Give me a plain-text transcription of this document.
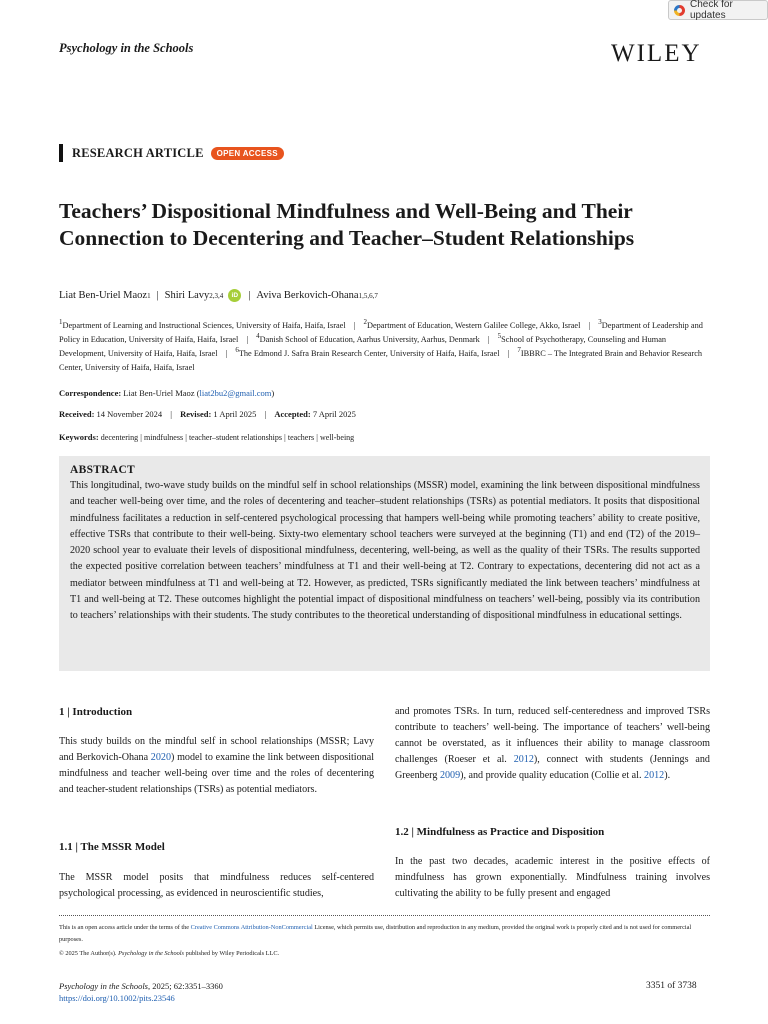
Check for updates
Psychology in the Schools	WILEY
RESEARCH ARTICLE	OPEN ACCESS
Teachers’ Dispositional Mindfulness and Well-Being and Their Connection to Decentering and Teacher–Student Relationships
Liat Ben-Uriel Maoz 1 | Shiri Lavy 2,3,4	iD | Aviva Berkovich-Ohana 1,5,6,7
$^1$Department of Learning and Instructional Sciences, University of Haifa, Haifa, Israel | $^2$Department of Education, Western Galilee College, Akko, Israel | $^3$Department of Leadership and Policy in Education, University of Haifa, Haifa, Israel | $^4$Danish School of Education, Aarhus University, Aarhus, Denmark | $^5$School of Psychotherapy, Counseling and Human Development, University of Haifa, Haifa, Israel | $^6$The Edmond J. Safra Brain Research Center, University of Haifa, Haifa, Israel | $^7$IBBRC – The Integrated Brain and Behavior Research Center, University of Haifa, Haifa, Israel
Correspondence: Liat Ben-Uriel Maoz (liat2bu2@gmail.com)
Received: 14 November 2024 | Revised: 1 April 2025 | Accepted: 7 April 2025
Keywords: decentering | mindfulness | teacher–student relationships | teachers | well-being
ABSTRACT

This longitudinal, two-wave study builds on the mindful self in school relationships (MSSR) model, examining the link between dispositional mindfulness and teacher well-being over time, and the roles of decentering and teacher–student relationships (TSRs) as potential mediators. It posits that dispositional mindfulness facilitates a reduction in self-centered psychological processing that hampers well-being while promoting teachers’ ability to create positive, effective TSRs that contribute to their well-being. Sixty-two elementary school teachers were surveyed at the beginning (T1) and end (T2) of the 2019–2020 school year to evaluate their levels of dispositional mindfulness, decentering, well-being, as well as the quality of their TSRs. The results supported the expected positive correlation between teachers’ mindfulness at T1 and their well-being at T2. Contrary to expectations, decentering did not act as a mediator between mindfulness at T1 and well-being at T2. However, as predicted, TSRs significantly mediated the link between teachers’ mindfulness at T1 and well-being at T2. These outcomes highlight the potential impact of dispositional mindfulness on teachers’ well-being, possibly via its contribution to teachers’ relationships with their students. The study contributes to the theoretical understanding of dispositional mindfulness in educational settings.

1 | Introduction

This study builds on the mindful self in school relationships (MSSR; Lavy and Berkovich-Ohana 2020) model to examine the link between dispositional mindfulness and teacher well-being over time and the roles of decentering and teacher-student relationships (TSRs) as potential mediators.

1.1 | The MSSR Model

The MSSR model posits that mindfulness reduces self-centered psychological processing, as evidenced in neuroscientific studies,

and promotes TSRs. In turn, reduced self-centeredness and improved TSRs contribute to teachers’ well-being. The importance of teachers’ well-being cannot be overstated, as it influences their ability to manage classroom challenges (Roeser et al. 2012), connect with students (Jennings and Greenberg 2009), and provide quality education (Collie et al. 2012).

1.2 | Mindfulness as Practice and Disposition

In the past two decades, academic interest in the positive effects of mindfulness has grown exponentially. Mindfulness training involves cultivating the ability to be fully present and engaged

This is an open access article under the terms of the Creative Commons Attribution-NonCommercial License, which permits use, distribution and reproduction in any medium, provided the original work is properly cited and is not used for commercial purposes.
© 2025 The Author(s). Psychology in the Schools published by Wiley Periodicals LLC.
Psychology in the Schools, 2025; 62:3351–3360
https://doi.org/10.1002/pits.23546
3351 of 3738
